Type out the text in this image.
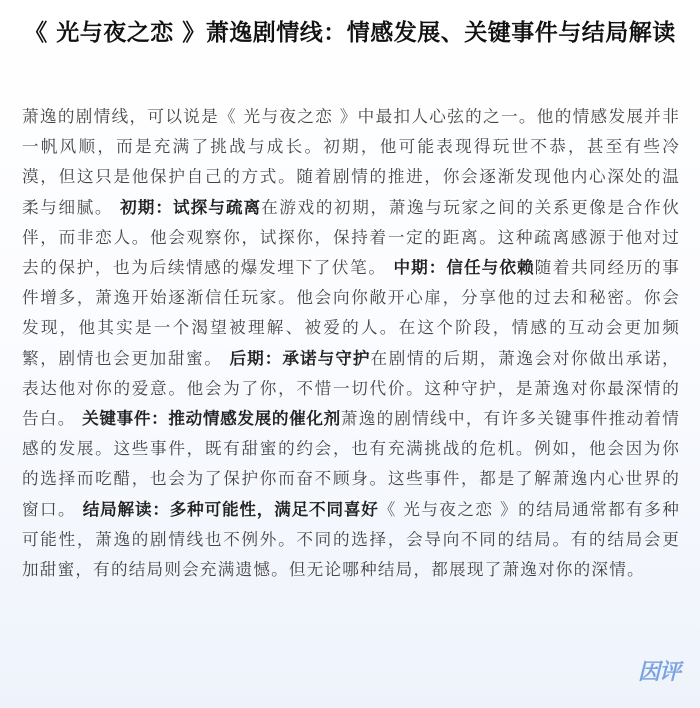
《 光与夜之恋 》萧逸剧情线：情感发展、关键事件与结局解读

萧逸的剧情线，可以说是《 光与夜之恋 》中最扣人心弦的之一。他的情感发展并非一帆风顺，而是充满了挑战与成长。初期，他可能表现得玩世不恭，甚至有些冷漠，但这只是他保护自己的方式。随着剧情的推进，你会逐渐发现他内心深处的温柔与细腻。 初期：试探与疏离在游戏的初期，萧逸与玩家之间的关系更像是合作伙伴，而非恋人。他会观察你，试探你，保持着一定的距离。这种疏离感源于他对过去的保护，也为后续情感的爆发埋下了伏笔。 中期：信任与依赖随着共同经历的事件增多，萧逸开始逐渐信任玩家。他会向你敞开心扉，分享他的过去和秘密。你会发现，他其实是一个渴望被理解、被爱的人。在这个阶段，情感的互动会更加频繁，剧情也会更加甜蜜。 后期：承诺与守护在剧情的后期，萧逸会对你做出承诺，表达他对你的爱意。他会为了你，不惜一切代价。这种守护，是萧逸对你最深情的告白。 关键事件：推动情感发展的催化剂萧逸的剧情线中，有许多关键事件推动着情感的发展。这些事件，既有甜蜜的约会，也有充满挑战的危机。例如，他会因为你的选择而吃醋，也会为了保护你而奋不顾身。这些事件，都是了解萧逸内心世界的窗口。 结局解读：多种可能性，满足不同喜好《 光与夜之恋 》的结局通常都有多种可能性，萧逸的剧情线也不例外。不同的选择，会导向不同的结局。有的结局会更加甜蜜，有的结局则会充满遗憾。但无论哪种结局，都展现了萧逸对你的深情。

因评
